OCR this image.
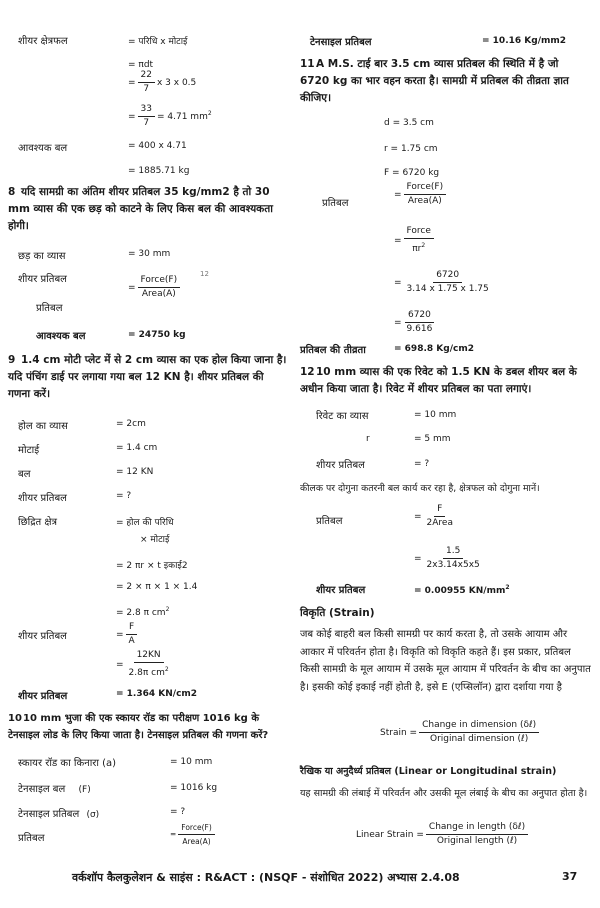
शीयर क्षेत्रफल	= परिधि x मोटाई
= πdt
= $\frac{22}{7}$ x 3 x 0.5
= $\frac{33}{7} = 4.71$ $mm^2$
आवश्यक बल	= 400 x 4.71
= 1885.71 kg
8 यदि सामग्री का अंतिम शीयर प्रतिबल 35 kg/mm2 है तो 30 mm व्यास की एक छड़ को काटने के लिए किस बल की आवश्यकता होगी।
छड़ का व्यास	= 30 mm
शीयर प्रतिबल	12
= $\frac{\text{Force(F)}}{\text{Area(A)}}$
प्रतिबल
आवश्यक बल	= 24750 kg
9 1.4 cm मोटी प्लेट में से 2 cm व्यास का एक होल किया जाना है। यदि पंचिंग डाई पर लगाया गया बल 12 KN है। शीयर प्रतिबल की गणना करें।
होल का व्यास	= 2cm
मोटाई	= 1.4 cm
बल	= 12 KN
शीयर प्रतिबल	= ?
छिद्रित क्षेत्र	= होल की परिधि
× मोटाई
= 2 πr × t इकाई2
= 2 × π × 1 × 1.4
= 2.8 π $cm^2$
शीयर प्रतिबल	= $\frac{F}{A}$
= $\frac{12KN}{2.8\pi cm^2}$
शीयर प्रतिबल	= 1.364 KN/cm2
1010 mm भुजा की एक स्कायर रॉड का परीक्षण 1016 kg के टेनसाइल लोड के लिए किया जाता है। टेनसाइल प्रतिबल की गणना करें?
स्कायर रॉड का किनारा (a)	= 10 mm
टेनसाइल बल (F)	= 1016 kg
टेनसाइल प्रतिबल (σ)	= ?
प्रतिबल	= $\frac{\text{Force(F)}}{\text{Area(A)}}$
टेनसाइल प्रतिबल	= 10.16 Kg/mm2
11A M.S. टाई बार 3.5 cm व्यास प्रतिबल की स्थिति में है जो 6720 kg का भार वहन करता है। सामग्री में प्रतिबल की तीव्रता ज्ञात कीजिए।
d = 3.5 cm
r = 1.75 cm
F = 6720 kg
प्रतिबल
= $\frac{\text{Force(F)}}{\text{Area(A)}}$
= $\frac{\text{Force}}{\pi r^2}$
= $\frac{6720}{3.14 x 1.75 x 1.75}$
= $\frac{6720}{9.616}$
प्रतिबल की तीव्रता	= 698.8 Kg/cm2
1210 mm व्यास की एक रिवेट को 1.5 KN के डबल शीयर बल के अधीन किया जाता है। रिवेट में शीयर प्रतिबल का पता लगाएं।
रिवेट का व्यास	= 10 mm
r	= 5 mm
शीयर प्रतिबल	= ?
कीलक पर दोगुना कतरनी बल कार्य कर रहा है, क्षेत्रफल को दोगुना मानें।
प्रतिबल	= $\frac{F}{\text{2Area}}$
= $\frac{1.5}{2x3.14x5x5}$
शीयर प्रतिबल	= 0.00955 $KN/mm^2$
विकृति (Strain)
जब कोई बाहरी बल किसी सामग्री पर कार्य करता है, तो उसके आयाम और आकार में परिवर्तन होता है। विकृति को विकृति कहते हैं। इस प्रकार, प्रतिबल किसी सामग्री के मूल आयाम में उसके मूल आयाम में परिवर्तन के बीच का अनुपात है। इसकी कोई इकाई नहीं होती है, इसे E (एप्सिलॉन) द्वारा दर्शाया गया है
Strain = $\frac{\text{Change in dimension (δℓ)}}{\text{Original dimension (ℓ)}}$
रैखिक या अनुदैर्ध्य प्रतिबल (Linear or Longitudinal strain)
यह सामग्री की लंबाई में परिवर्तन और उसकी मूल लंबाई के बीच का अनुपात होता है।
Linear Strain = $\frac{\text{Change in length (δℓ)}}{\text{Original length (ℓ)}}$
वर्कशॉप कैलकुलेशन & साइंस : R&ACT : (NSQF - संशोधित 2022) अभ्यास 2.4.08	37
